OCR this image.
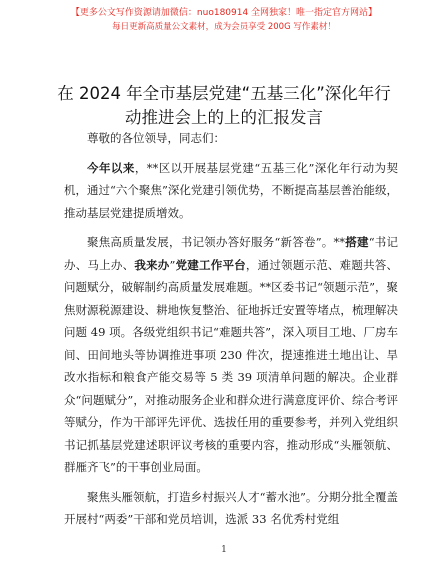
【更多公文写作资源请加微信：nuo180914 全网独家！唯一指定官方网站】
每日更新高质量公文素材，成为会员享受 200G 写作素材！
在 2024 年全市基层党建“五基三化”深化年行
动推进会上的上的汇报发言

尊敬的各位领导，同志们：

今年以来，**区以开展基层党建“五基三化”深化年行动为契机，通过“六个聚焦”深化党建引领优势，不断提高基层善治能级，推动基层党建提质增效。

聚焦高质量发展，书记领办答好服务“新答卷”。**搭建“书记办、马上办、我来办”党建工作平台，通过领题示范、难题共答、问题赋分，破解制约高质量发展难题。**区委书记“领题示范”，聚焦财源税源建设、耕地恢复整治、征地拆迁安置等堵点，梳理解决问题 49 项。各级党组织书记“难题共答”，深入项目工地、厂房车间、田间地头等协调推进事项 230 件次，提速推进土地出让、旱改水指标和粮食产能交易等 5 类 39 项清单问题的解决。企业群众“问题赋分”，对推动服务企业和群众进行满意度评价、综合考评等赋分，作为干部评先评优、选拔任用的重要参考，并列入党组织书记抓基层党建述职评议考核的重要内容，推动形成“头雁领航、群雁齐飞”的干事创业局面。

聚焦头雁领航，打造乡村振兴人才“蓄水池”。分期分批全覆盖开展村“两委”干部和党员培训，选派 33 名优秀村党组

1
